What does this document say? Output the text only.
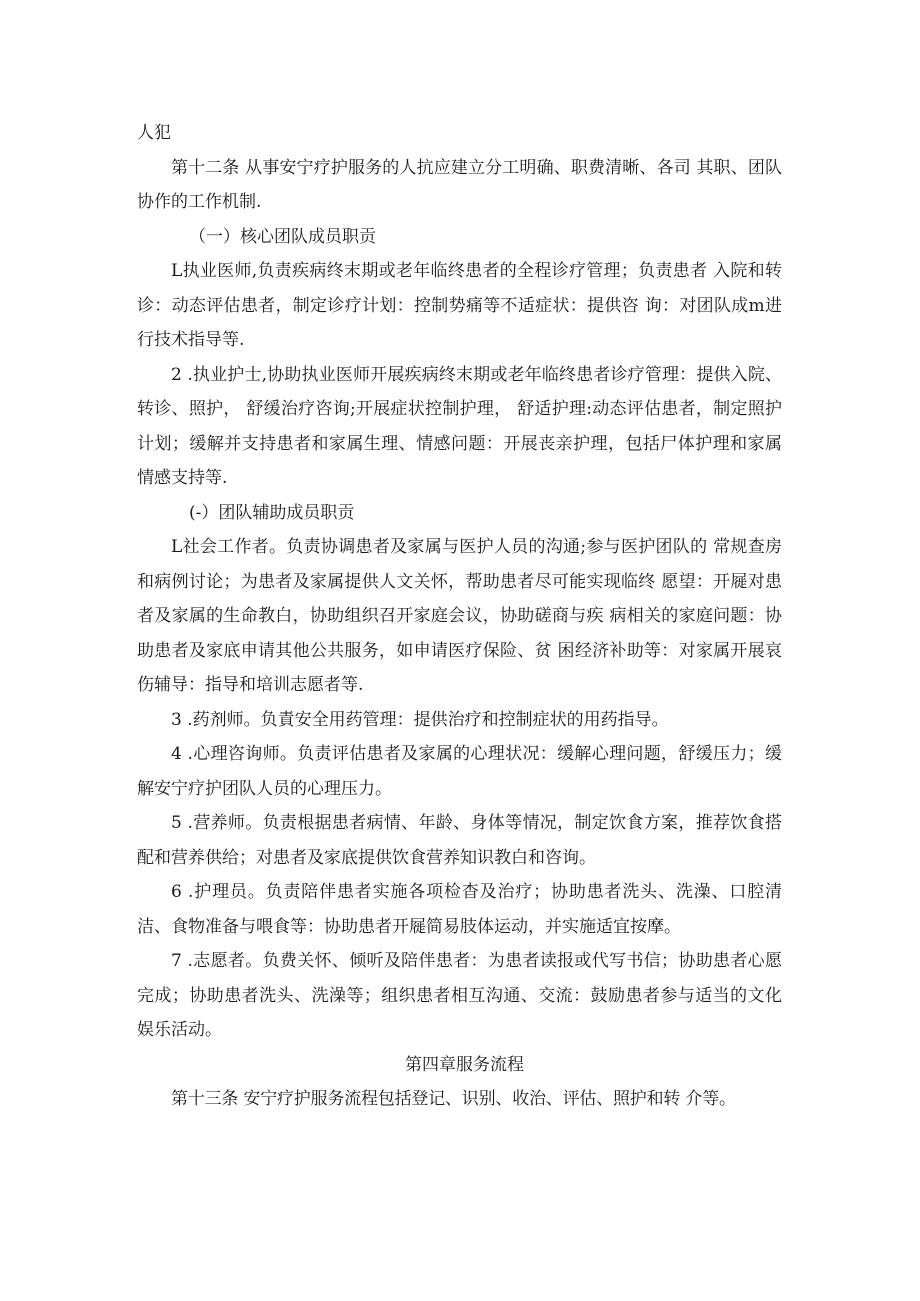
人犯

第十二条 从事安宁疗护服务的人抗应建立分工明确、职费清晰、各司 其职、团队协作的工作机制.

（一）核心团队成员职贡

L执业医师,负责疾病终末期或老年临终患者的全程诊疗管理；负责患者 入院和转诊：动态评估患者，制定诊疗计划：控制势痛等不适症状：提供咨 询：对团队成m进行技术指导等.

2 .执业护士,协助执业医师开展疾病终末期或老年临终患者诊疗管理：提供入院、转诊、照护， 舒缓治疗咨询;开展症状控制护理， 舒适护理:动态评估患者，制定照护计划；缓解并支持患者和家属生理、情感问题：开展丧亲护理，包括尸体护理和家属情感支持等.

(-）团队辅助成员职贡

L社会工作者。负责协调患者及家属与医护人员的沟通;参与医护团队的 常规查房和病例讨论；为患者及家属提供人文关怀，帮助患者尽可能实现临终 愿望：开屣对患者及家属的生命教白，协助组织召开家庭会议，协助磋商与疾 病相关的家庭问题：协助患者及家底申请其他公共服务，如申请医疗保险、贫 困经济补助等：对家属开展哀伤辅导：指导和培训志愿者等.

3 .药剂师。负責安全用药管理：提供治疗和控制症状的用药指导。

4 .心理咨询师。负责评估患者及家属的心理状况：缓解心理问题，舒缓压力；缓解安宁疗护团队人员的心理压力。

5 .营养师。负责根据患者病情、年龄、身体等情况，制定饮食方案，推荐饮食搭配和营养供给；对患者及家底提供饮食营养知识教白和咨询。

6 .护理员。负责陪伴患者实施各项检杳及治疗；协助患者洗头、洗澡、口腔清洁、食物准备与喂食等：协助患者开屣简易肢体运动，并实施适宜按摩。

7 .志愿者。负费关怀、倾听及陪伴患者：为患者读报或代写书信；协助患者心愿完成；协助患者洗头、洗澡等；组织患者相互沟通、交流：鼓励患者参与适当的文化娱乐活动。

第四章服务流程

第十三条 安宁疗护服务流程包括登记、识别、收治、评估、照护和转 介等。
